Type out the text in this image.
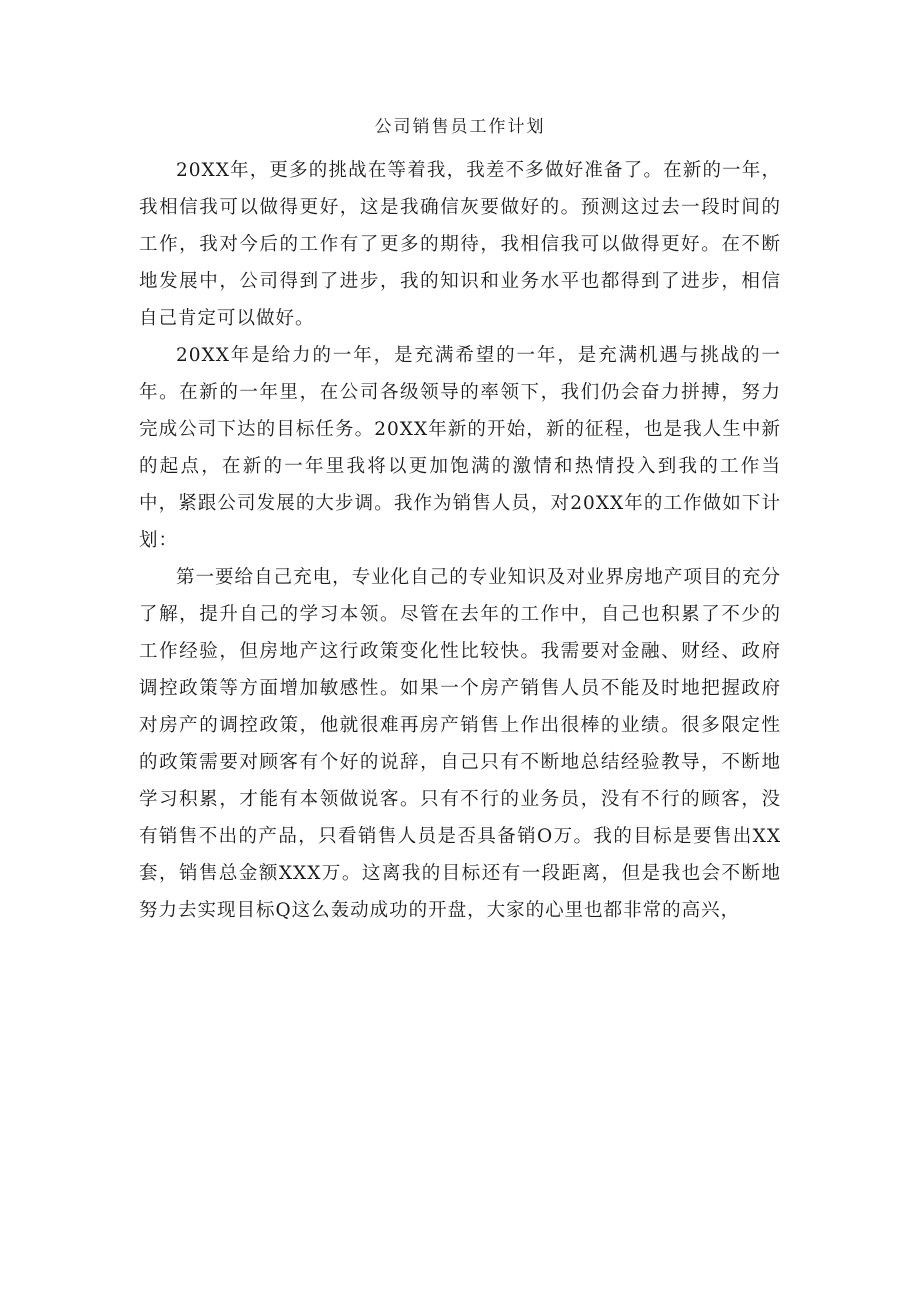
公司销售员工作计划

20XX年，更多的挑战在等着我，我差不多做好准备了。在新的一年，我相信我可以做得更好，这是我确信灰要做好的。预测这过去一段时间的工作，我对今后的工作有了更多的期待，我相信我可以做得更好。在不断地发展中，公司得到了进步，我的知识和业务水平也都得到了进步，相信自己肯定可以做好。

20XX年是给力的一年，是充满希望的一年，是充满机遇与挑战的一年。在新的一年里，在公司各级领导的率领下，我们仍会奋力拼搏，努力完成公司下达的目标任务。20XX年新的开始，新的征程，也是我人生中新的起点，在新的一年里我将以更加饱满的激情和热情投入到我的工作当中，紧跟公司发展的大步调。我作为销售人员，对20XX年的工作做如下计划：

第一要给自己充电，专业化自己的专业知识及对业界房地产项目的充分了解，提升自己的学习本领。尽管在去年的工作中，自己也积累了不少的工作经验，但房地产这行政策变化性比较快。我需要对金融、财经、政府调控政策等方面增加敏感性。如果一个房产销售人员不能及时地把握政府对房产的调控政策，他就很难再房产销售上作出很棒的业绩。很多限定性的政策需要对顾客有个好的说辞，自己只有不断地总结经验教导，不断地学习积累，才能有本领做说客。只有不行的业务员，没有不行的顾客，没有销售不出的产品，只看销售人员是否具备销O万。我的目标是要售出XX套，销售总金额XXX万。这离我的目标还有一段距离，但是我也会不断地努力去实现目标Q这么轰动成功的开盘，大家的心里也都非常的高兴，
